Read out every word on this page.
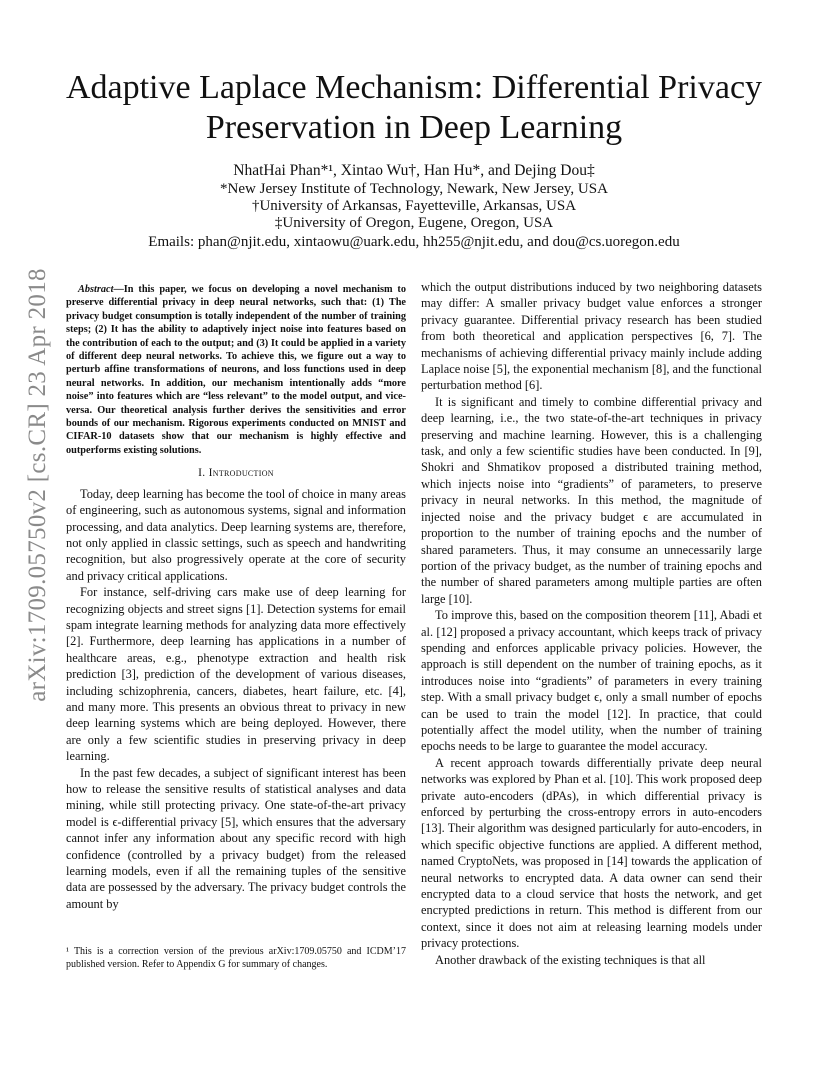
arXiv:1709.05750v2 [cs.CR] 23 Apr 2018
Adaptive Laplace Mechanism: Differential Privacy
Preservation in Deep Learning
NhatHai Phan*¹, Xintao Wu†, Han Hu*, and Dejing Dou‡
*New Jersey Institute of Technology, Newark, New Jersey, USA
†University of Arkansas, Fayetteville, Arkansas, USA
‡University of Oregon, Eugene, Oregon, USA
Emails: phan@njit.edu, xintaowu@uark.edu, hh255@njit.edu, and dou@cs.uoregon.edu

Abstract—In this paper, we focus on developing a novel mechanism to preserve differential privacy in deep neural networks, such that: (1) The privacy budget consumption is totally independent of the number of training steps; (2) It has the ability to adaptively inject noise into features based on the contribution of each to the output; and (3) It could be applied in a variety of different deep neural networks. To achieve this, we figure out a way to perturb affine transformations of neurons, and loss functions used in deep neural networks. In addition, our mechanism intentionally adds “more noise” into features which are “less relevant” to the model output, and vice-versa. Our theoretical analysis further derives the sensitivities and error bounds of our mechanism. Rigorous experiments conducted on MNIST and CIFAR-10 datasets show that our mechanism is highly effective and outperforms existing solutions.

I. Introduction

Today, deep learning has become the tool of choice in many areas of engineering, such as autonomous systems, signal and information processing, and data analytics. Deep learning systems are, therefore, not only applied in classic settings, such as speech and handwriting recognition, but also progressively operate at the core of security and privacy critical applications.

For instance, self-driving cars make use of deep learning for recognizing objects and street signs [1]. Detection systems for email spam integrate learning methods for analyzing data more effectively [2]. Furthermore, deep learning has applications in a number of healthcare areas, e.g., phenotype extraction and health risk prediction [3], prediction of the development of various diseases, including schizophrenia, cancers, diabetes, heart failure, etc. [4], and many more. This presents an obvious threat to privacy in new deep learning systems which are being deployed. However, there are only a few scientific studies in preserving privacy in deep learning.

In the past few decades, a subject of significant interest has been how to release the sensitive results of statistical analyses and data mining, while still protecting privacy. One state-of-the-art privacy model is ϵ-differential privacy [5], which ensures that the adversary cannot infer any information about any specific record with high confidence (controlled by a privacy budget) from the released learning models, even if all the remaining tuples of the sensitive data are possessed by the adversary. The privacy budget controls the amount by

¹ This is a correction version of the previous arXiv:1709.05750 and ICDM’17 published version. Refer to Appendix G for summary of changes.

which the output distributions induced by two neighboring datasets may differ: A smaller privacy budget value enforces a stronger privacy guarantee. Differential privacy research has been studied from both theoretical and application perspectives [6, 7]. The mechanisms of achieving differential privacy mainly include adding Laplace noise [5], the exponential mechanism [8], and the functional perturbation method [6].

It is significant and timely to combine differential privacy and deep learning, i.e., the two state-of-the-art techniques in privacy preserving and machine learning. However, this is a challenging task, and only a few scientific studies have been conducted. In [9], Shokri and Shmatikov proposed a distributed training method, which injects noise into “gradients” of parameters, to preserve privacy in neural networks. In this method, the magnitude of injected noise and the privacy budget ϵ are accumulated in proportion to the number of training epochs and the number of shared parameters. Thus, it may consume an unnecessarily large portion of the privacy budget, as the number of training epochs and the number of shared parameters among multiple parties are often large [10].

To improve this, based on the composition theorem [11], Abadi et al. [12] proposed a privacy accountant, which keeps track of privacy spending and enforces applicable privacy policies. However, the approach is still dependent on the number of training epochs, as it introduces noise into “gradients” of parameters in every training step. With a small privacy budget ϵ, only a small number of epochs can be used to train the model [12]. In practice, that could potentially affect the model utility, when the number of training epochs needs to be large to guarantee the model accuracy.

A recent approach towards differentially private deep neural networks was explored by Phan et al. [10]. This work proposed deep private auto-encoders (dPAs), in which differential privacy is enforced by perturbing the cross-entropy errors in auto-encoders [13]. Their algorithm was designed particularly for auto-encoders, in which specific objective functions are applied. A different method, named CryptoNets, was proposed in [14] towards the application of neural networks to encrypted data. A data owner can send their encrypted data to a cloud service that hosts the network, and get encrypted predictions in return. This method is different from our context, since it does not aim at releasing learning models under privacy protections.

Another drawback of the existing techniques is that all
